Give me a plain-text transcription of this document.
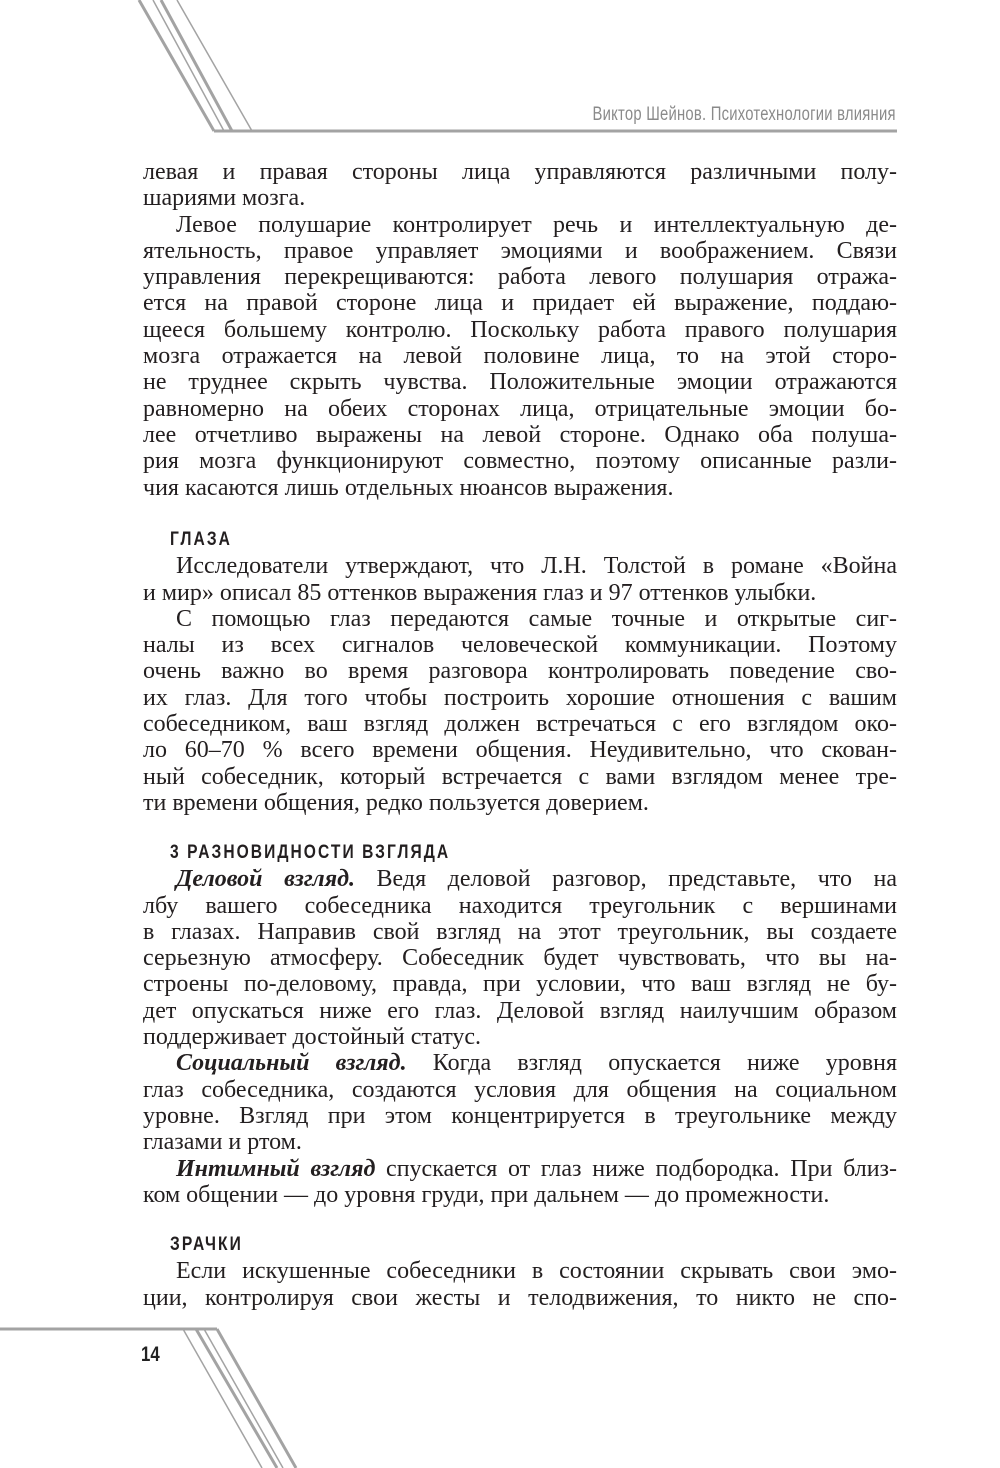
Виктор Шейнов. Психотехнологии влияния
14
левая и правая стороны лица управляются различными полу-
шариями мозга.
Левое полушарие контролирует речь и интеллектуальную де-
ятельность, правое управляет эмоциями и воображением. Связи
управления перекрещиваются: работа левого полушария отража-
ется на правой стороне лица и придает ей выражение, поддаю-
щееся большему контролю. Поскольку работа правого полушария
мозга отражается на левой половине лица, то на этой сторо-
не труднее скрыть чувства. Положительные эмоции отражаются
равномерно на обеих сторонах лица, отрицательные эмоции бо-
лее отчетливо выражены на левой стороне. Однако оба полуша-
рия мозга функционируют совместно, поэтому описанные разли-
чия касаются лишь отдельных нюансов выражения.
ГЛАЗА
Исследователи утверждают, что Л.Н. Толстой в романе «Война
и мир» описал 85 оттенков выражения глаз и 97 оттенков улыбки.
С помощью глаз передаются самые точные и открытые сиг-
налы из всех сигналов человеческой коммуникации. Поэтому
очень важно во время разговора контролировать поведение сво-
их глаз. Для того чтобы построить хорошие отношения с вашим
собеседником, ваш взгляд должен встречаться с его взглядом око-
ло 60–70 % всего времени общения. Неудивительно, что скован-
ный собеседник, который встречается с вами взглядом менее тре-
ти времени общения, редко пользуется доверием.
3 РАЗНОВИДНОСТИ ВЗГЛЯДА
Деловой взгляд. Ведя деловой разговор, представьте, что на
лбу вашего собеседника находится треугольник с вершинами
в глазах. Направив свой взгляд на этот треугольник, вы создаете
серьезную атмосферу. Собеседник будет чувствовать, что вы на-
строены по-деловому, правда, при условии, что ваш взгляд не бу-
дет опускаться ниже его глаз. Деловой взгляд наилучшим образом
поддерживает достойный статус.
Социальный взгляд. Когда взгляд опускается ниже уровня
глаз собеседника, создаются условия для общения на социальном
уровне. Взгляд при этом концентрируется в треугольнике между
глазами и ртом.
Интимный взгляд спускается от глаз ниже подбородка. При близ-
ком общении — до уровня груди, при дальнем — до промежности.
ЗРАЧКИ
Если искушенные собеседники в состоянии скрывать свои эмо-
ции, контролируя свои жесты и телодвижения, то никто не спо-
